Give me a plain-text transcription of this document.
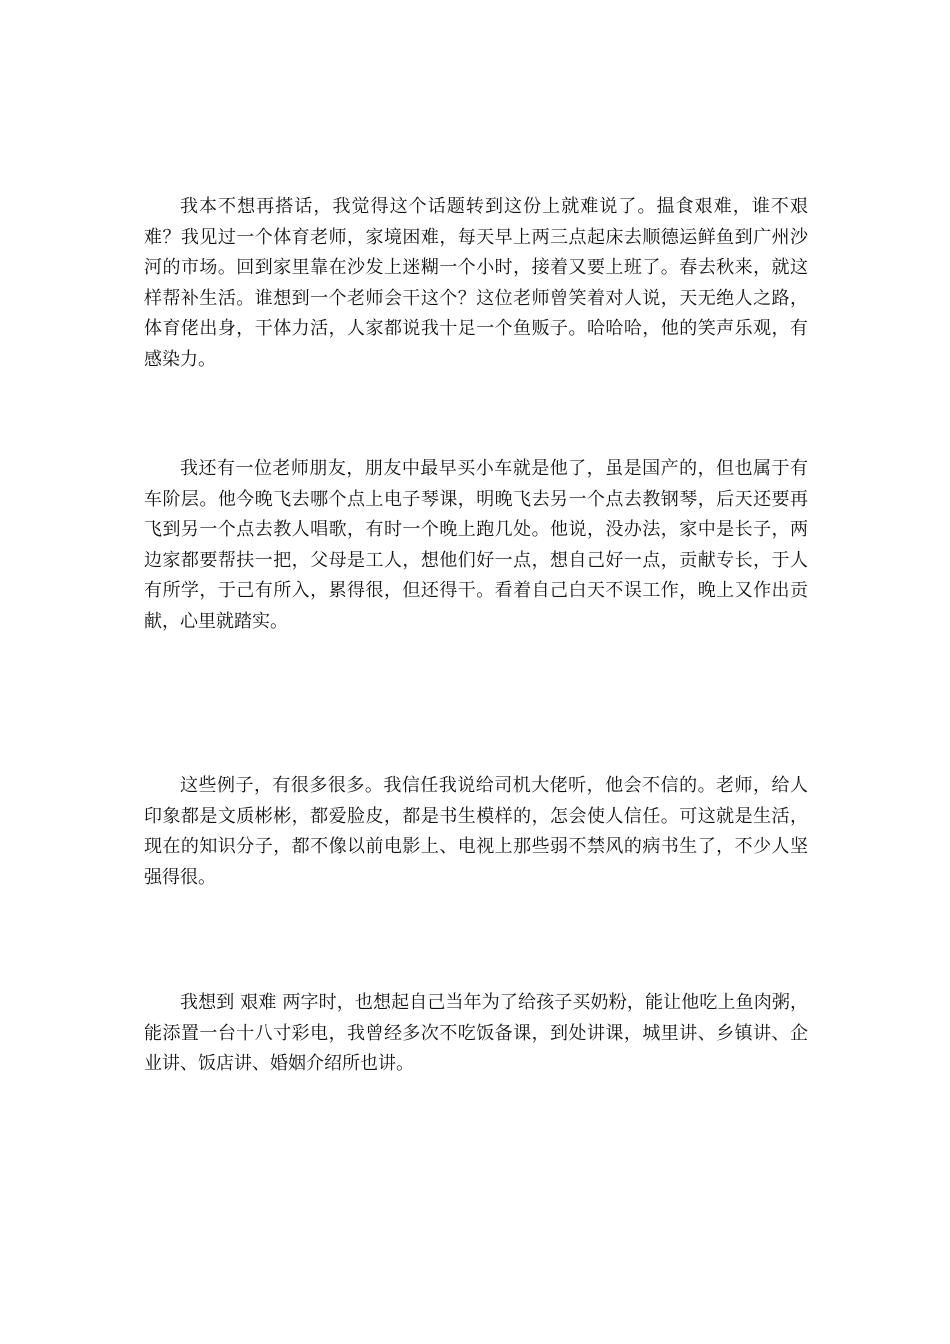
我本不想再搭话，我觉得这个话题转到这份上就难说了。揾食艰难，谁不艰难？我见过一个体育老师，家境困难，每天早上两三点起床去顺德运鲜鱼到广州沙河的市场。回到家里靠在沙发上迷糊一个小时，接着又要上班了。春去秋来，就这样帮补生活。谁想到一个老师会干这个？这位老师曾笑着对人说，天无绝人之路，体育佬出身，干体力活，人家都说我十足一个鱼贩子。哈哈哈，他的笑声乐观，有感染力。

我还有一位老师朋友，朋友中最早买小车就是他了，虽是国产的，但也属于有车阶层。他今晚飞去哪个点上电子琴课，明晚飞去另一个点去教钢琴，后天还要再飞到另一个点去教人唱歌，有时一个晚上跑几处。他说，没办法，家中是长子，两边家都要帮扶一把，父母是工人，想他们好一点，想自己好一点，贡献专长，于人有所学，于己有所入，累得很，但还得干。看着自己白天不误工作，晚上又作出贡献，心里就踏实。

这些例子，有很多很多。我信任我说给司机大佬听，他会不信的。老师，给人印象都是文质彬彬，都爱脸皮，都是书生模样的，怎会使人信任。可这就是生活，现在的知识分子，都不像以前电影上、电视上那些弱不禁风的病书生了，不少人坚强得很。

我想到 艰难 两字时，也想起自己当年为了给孩子买奶粉，能让他吃上鱼肉粥，能添置一台十八寸彩电，我曾经多次不吃饭备课，到处讲课，城里讲、乡镇讲、企业讲、饭店讲、婚姻介绍所也讲。
